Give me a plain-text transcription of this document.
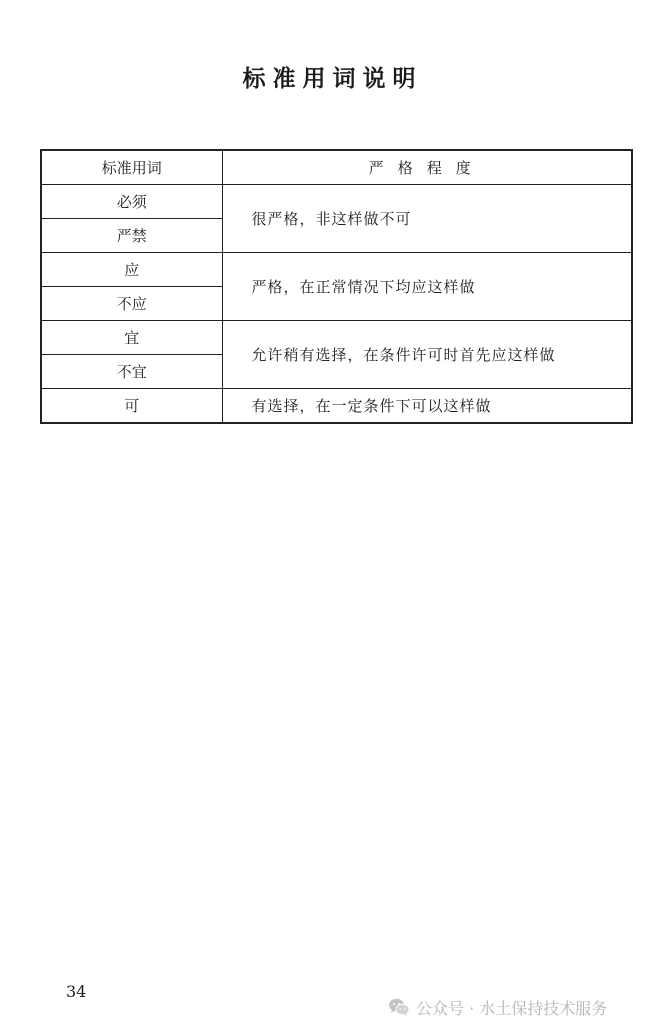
标准用词说明
标准用词	严格程度
必须	很严格，非这样做不可
严禁	
应	严格，在正常情况下均应这样做
不应	
宜	允许稍有选择，在条件许可时首先应这样做
不宜	
可	有选择，在一定条件下可以这样做
34
公众号 · 水土保持技术服务
